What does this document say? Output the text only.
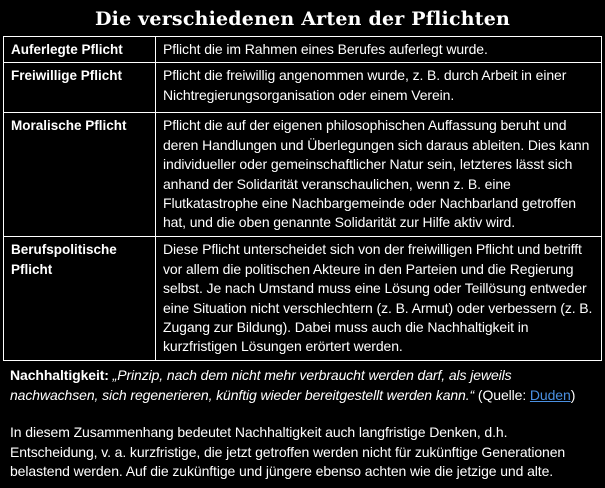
Die verschiedenen Arten der Pflichten
Auferlegte Pflicht	Pflicht die im Rahmen eines Berufes auferlegt wurde.
Freiwillige Pflicht	Pflicht die freiwillig angenommen wurde, z. B. durch Arbeit in einer Nichtregierungsorganisation oder einem Verein.
Moralische Pflicht	Pflicht die auf der eigenen philosophischen Auffassung beruht und deren Handlungen und Überlegungen sich daraus ableiten. Dies kann individueller oder gemeinschaftlicher Natur sein, letzteres lässt sich anhand der Solidarität veranschaulichen, wenn z. B. eine Flutkatastrophe eine Nachbargemeinde oder Nachbarland getroffen hat, und die oben genannte Solidarität zur Hilfe aktiv wird.
Berufspolitische Pflicht	Diese Pflicht unterscheidet sich von der freiwilligen Pflicht und betrifft vor allem die politischen Akteure in den Parteien und die Regierung selbst. Je nach Umstand muss eine Lösung oder Teillösung entweder eine Situation nicht verschlechtern (z. B. Armut) oder verbessern (z. B. Zugang zur Bildung). Dabei muss auch die Nachhaltigkeit in kurzfristigen Lösungen erörtert werden.

Nachhaltigkeit: „Prinzip, nach dem nicht mehr verbraucht werden darf, als jeweils nachwachsen, sich regenerieren, künftig wieder bereitgestellt werden kann.“ (Quelle: Duden)

In diesem Zusammenhang bedeutet Nachhaltigkeit auch langfristige Denken, d.h. Entscheidung, v. a. kurzfristige, die jetzt getroffen werden nicht für zukünftige Generationen belastend werden. Auf die zukünftige und jüngere ebenso achten wie die jetzige und alte.
